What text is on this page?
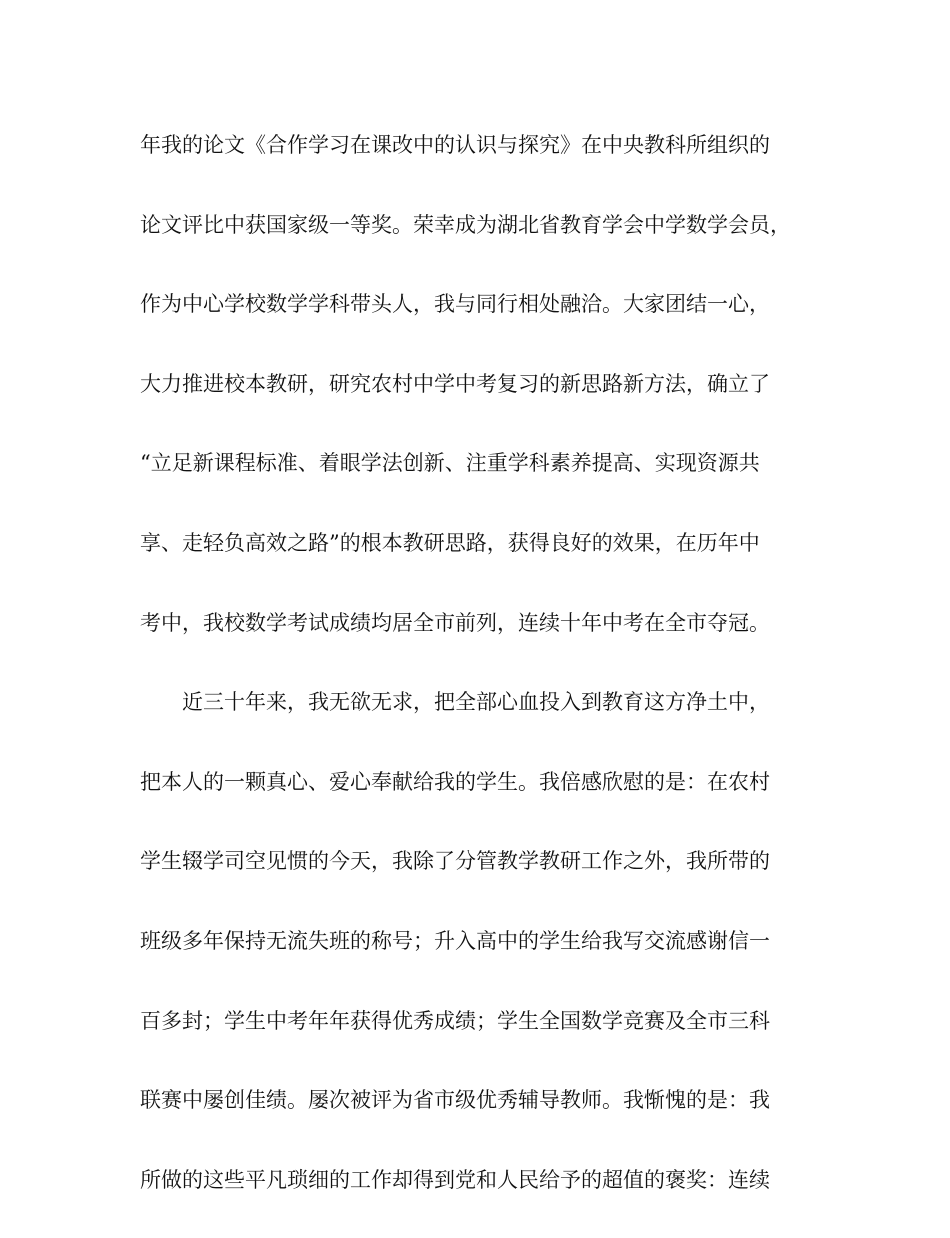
年我的论文《合作学习在课改中的认识与探究》在中央教科所组织的
论文评比中获国家级一等奖。荣幸成为湖北省教育学会中学数学会员，
作为中心学校数学学科带头人，我与同行相处融洽。大家团结一心，
大力推进校本教研，研究农村中学中考复习的新思路新方法，确立了
“立足新课程标准、着眼学法创新、注重学科素养提高、实现资源共
享、走轻负高效之路”的根本教研思路，获得良好的效果，在历年中
考中，我校数学考试成绩均居全市前列，连续十年中考在全市夺冠。
近三十年来，我无欲无求，把全部心血投入到教育这方净土中，
把本人的一颗真心、爱心奉献给我的学生。我倍感欣慰的是：在农村
学生辍学司空见惯的今天，我除了分管教学教研工作之外，我所带的
班级多年保持无流失班的称号；升入高中的学生给我写交流感谢信一
百多封；学生中考年年获得优秀成绩；学生全国数学竞赛及全市三科
联赛中屡创佳绩。屡次被评为省市级优秀辅导教师。我惭愧的是：我
所做的这些平凡琐细的工作却得到党和人民给予的超值的褒奖：连续
